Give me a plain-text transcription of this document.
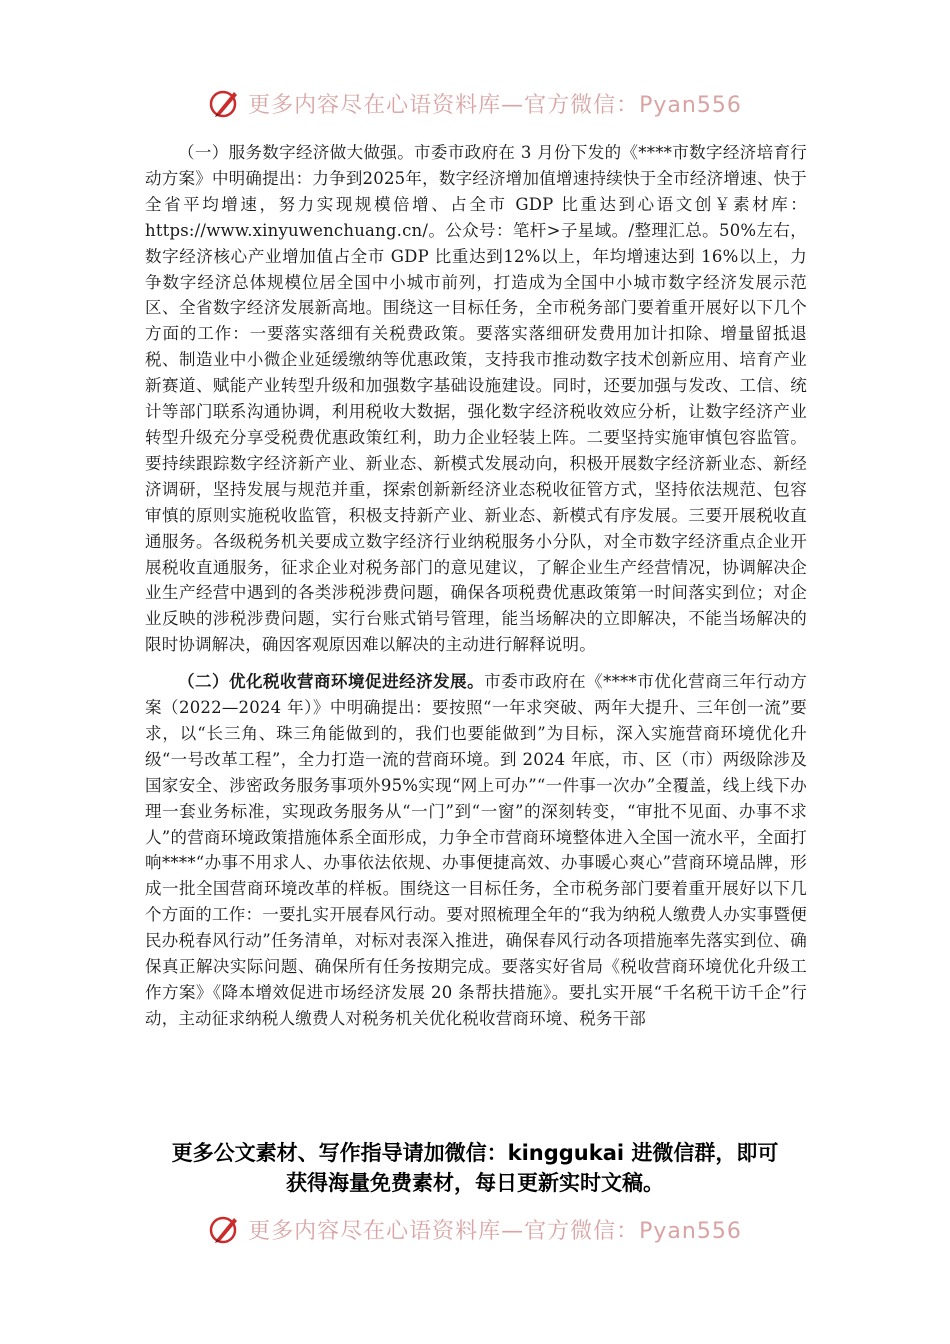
更多内容尽在心语资料库—官方微信：Pyan556

（一）服务数字经济做大做强。市委市政府在 3 月份下发的《****市数字经济培育行动方案》中明确提出：力争到2025年，数字经济增加值增速持续快于全市经济增速、快于全省平均增速，努力实现规模倍增、占全市 GDP 比重达到心语文创￥素材库：https://www.xinyuwenchuang.cn/。公众号：笔杆>子星域。/整理汇总。50%左右，数字经济核心产业增加值占全市 GDP 比重达到12%以上，年均增速达到 16%以上，力争数字经济总体规模位居全国中小城市前列，打造成为全国中小城市数字经济发展示范区、全省数字经济发展新高地。围绕这一目标任务，全市税务部门要着重开展好以下几个方面的工作：一要落实落细有关税费政策。要落实落细研发费用加计扣除、增量留抵退税、制造业中小微企业延缓缴纳等优惠政策，支持我市推动数字技术创新应用、培育产业新赛道、赋能产业转型升级和加强数字基础设施建设。同时，还要加强与发改、工信、统计等部门联系沟通协调，利用税收大数据，强化数字经济税收效应分析，让数字经济产业转型升级充分享受税费优惠政策红利，助力企业轻装上阵。二要坚持实施审慎包容监管。要持续跟踪数字经济新产业、新业态、新模式发展动向，积极开展数字经济新业态、新经济调研，坚持发展与规范并重，探索创新新经济业态税收征管方式，坚持依法规范、包容审慎的原则实施税收监管，积极支持新产业、新业态、新模式有序发展。三要开展税收直通服务。各级税务机关要成立数字经济行业纳税服务小分队，对全市数字经济重点企业开展税收直通服务，征求企业对税务部门的意见建议，了解企业生产经营情况，协调解决企业生产经营中遇到的各类涉税涉费问题，确保各项税费优惠政策第一时间落实到位；对企业反映的涉税涉费问题，实行台账式销号管理，能当场解决的立即解决，不能当场解决的限时协调解决，确因客观原因难以解决的主动进行解释说明。

（二）优化税收营商环境促进经济发展。市委市政府在《****市优化营商三年行动方案（2022—2024 年）》中明确提出：要按照“一年求突破、两年大提升、三年创一流”要求，以“长三角、珠三角能做到的，我们也要能做到”为目标，深入实施营商环境优化升级“一号改革工程”，全力打造一流的营商环境。到 2024 年底，市、区（市）两级除涉及国家安全、涉密政务服务事项外95%实现“网上可办”“一件事一次办”全覆盖，线上线下办理一套业务标准，实现政务服务从“一门”到“一窗”的深刻转变，“审批不见面、办事不求人”的营商环境政策措施体系全面形成，力争全市营商环境整体进入全国一流水平，全面打响****“办事不用求人、办事依法依规、办事便捷高效、办事暖心爽心”营商环境品牌，形成一批全国营商环境改革的样板。围绕这一目标任务，全市税务部门要着重开展好以下几个方面的工作：一要扎实开展春风行动。要对照梳理全年的“我为纳税人缴费人办实事暨便民办税春风行动”任务清单，对标对表深入推进，确保春风行动各项措施率先落实到位、确保真正解决实际问题、确保所有任务按期完成。要落实好省局《税收营商环境优化升级工作方案》《降本增效促进市场经济发展 20 条帮扶措施》。要扎实开展“千名税干访千企”行动，主动征求纳税人缴费人对税务机关优化税收营商环境、税务干部

更多公文素材、写作指导请加微信：kinggukai 进微信群，即可
获得海量免费素材，每日更新实时文稿。
更多内容尽在心语资料库—官方微信：Pyan556
